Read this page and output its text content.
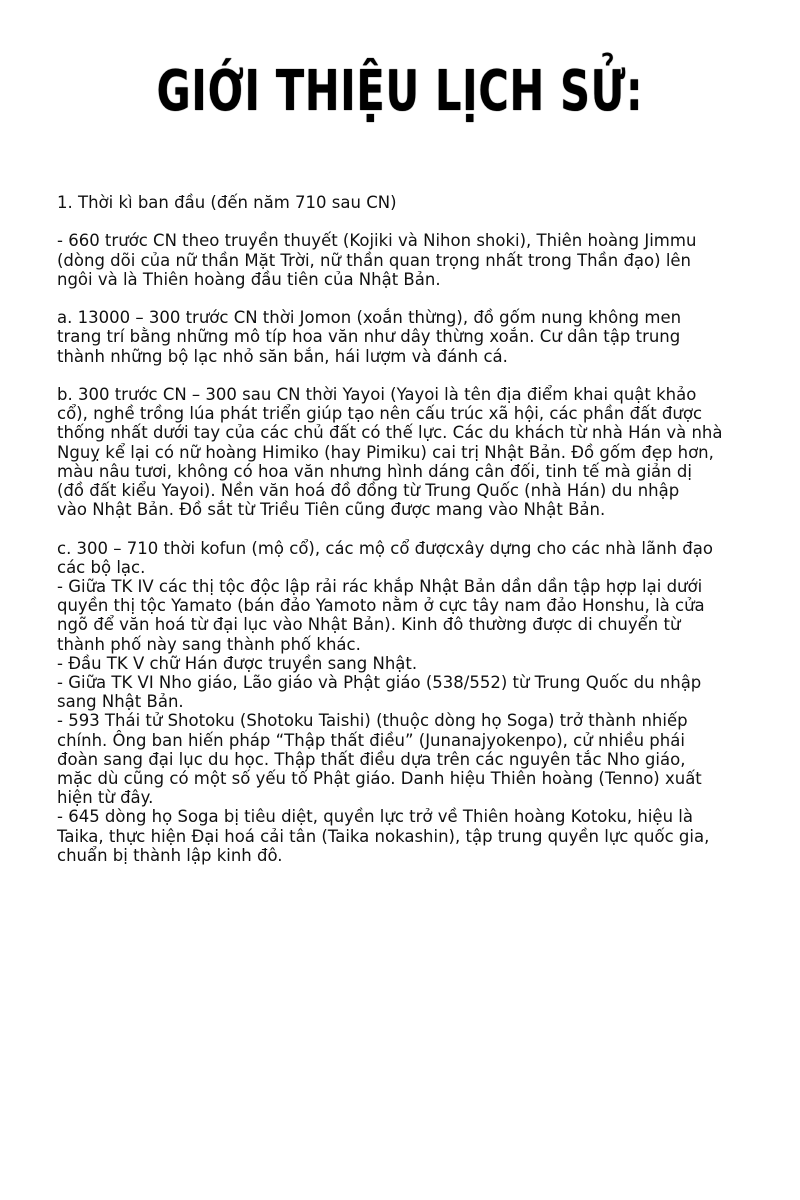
GIỚI THIỆU LỊCH SỬ:

1. Thời kì ban đầu (đến năm 710 sau CN)

- 660 trước CN theo truyền thuyết (Kojiki và Nihon shoki), Thiên hoàng Jimmu
(dòng dõi của nữ thần Mặt Trời, nữ thần quan trọng nhất trong Thần đạo) lên
ngôi và là Thiên hoàng đầu tiên của Nhật Bản.

a. 13000 – 300 trước CN thời Jomon (xoắn thừng), đồ gốm nung không men
trang trí bằng những mô típ hoa văn như dây thừng xoắn. Cư dân tập trung
thành những bộ lạc nhỏ săn bắn, hái lượm và đánh cá.

b. 300 trước CN – 300 sau CN thời Yayoi (Yayoi là tên địa điểm khai quật khảo
cổ), nghề trồng lúa phát triển giúp tạo nên cấu trúc xã hội, các phần đất được
thống nhất dưới tay của các chủ đất có thế lực. Các du khách từ nhà Hán và nhà
Nguỵ kể lại có nữ hoàng Himiko (hay Pimiku) cai trị Nhật Bản. Đồ gốm đẹp hơn,
màu nâu tươi, không có hoa văn nhưng hình dáng cân đối, tinh tế mà giản dị
(đồ đất kiểu Yayoi). Nền văn hoá đồ đồng từ Trung Quốc (nhà Hán) du nhập
vào Nhật Bản. Đồ sắt từ Triều Tiên cũng được mang vào Nhật Bản.

c. 300 – 710 thời kofun (mộ cổ), các mộ cổ đượcxây dựng cho các nhà lãnh đạo
các bộ lạc.
- Giữa TK IV các thị tộc độc lập rải rác khắp Nhật Bản dần dần tập hợp lại dưới
quyền thị tộc Yamato (bán đảo Yamoto nằm ở cực tây nam đảo Honshu, là cửa
ngõ để văn hoá từ đại lục vào Nhật Bản). Kinh đô thường được di chuyển từ
thành phố này sang thành phố khác.
- Đầu TK V chữ Hán được truyền sang Nhật.
- Giữa TK VI Nho giáo, Lão giáo và Phật giáo (538/552) từ Trung Quốc du nhập
sang Nhật Bản.
- 593 Thái tử Shotoku (Shotoku Taishi) (thuộc dòng họ Soga) trở thành nhiếp
chính. Ông ban hiến pháp “Thập thất điều” (Junanajyokenpo), cử nhiều phái
đoàn sang đại lục du học. Thập thất điều dựa trên các nguyên tắc Nho giáo,
mặc dù cũng có một số yếu tố Phật giáo. Danh hiệu Thiên hoàng (Tenno) xuất
hiện từ đây.
- 645 dòng họ Soga bị tiêu diệt, quyền lực trở về Thiên hoàng Kotoku, hiệu là
Taika, thực hiện Đại hoá cải tân (Taika nokashin), tập trung quyền lực quốc gia,
chuẩn bị thành lập kinh đô.
